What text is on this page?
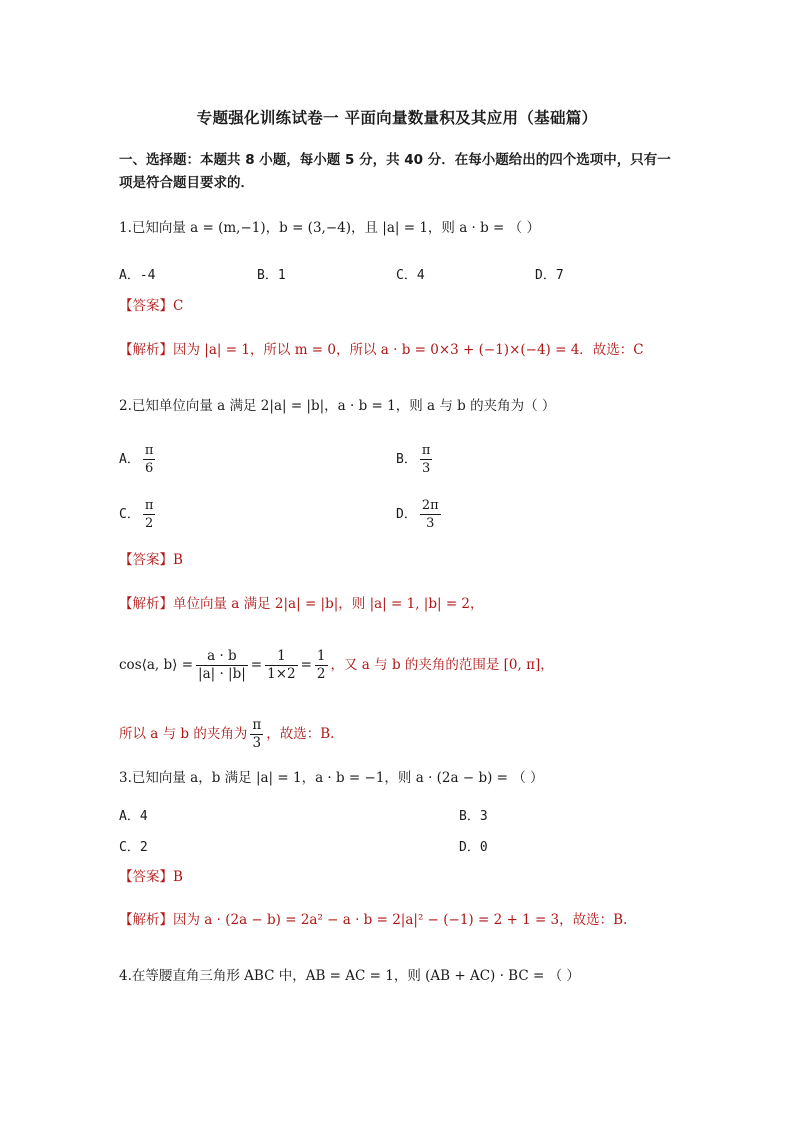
专题强化训练试卷一 平面向量数量积及其应用（基础篇）
一、选择题：本题共 8 小题，每小题 5 分，共 40 分．在每小题给出的四个选项中，只有一
项是符合题目要求的．
1.已知向量 a = (m,−1)，b = (3,−4)，且 |a| = 1，则 a · b = （ ）
A．-4	B．1	C．4	D．7
【答案】C
【解析】因为 |a| = 1，所以 m = 0，所以 a · b = 0×3 + (−1)×(−4) = 4．故选：C
2.已知单位向量 a 满足 2|a| = |b|，a · b = 1，则 a 与 b 的夹角为（ ）
A． $\frac{\pi}{6}$	B． $\frac{\pi}{3}$
C． $\frac{\pi}{2}$	D． $\frac{2\pi}{3}$
【答案】B
【解析】单位向量 a 满足 2|a| = |b|，则 |a| = 1, |b| = 2，
cos⟨a, b⟩ = $\frac{a \cdot b}{|a| \cdot |b|} = \frac{1}{1\times 2} = \frac{1}{2}$ ，又 a 与 b 的夹角的范围是 [0, π]，
所以 a 与 b 的夹角为 $\frac{\pi}{3}$ ，故选：B.
3.已知向量 a，b 满足 |a| = 1，a · b = −1，则 a · (2a − b) = （ ）
A．4	B．3
C．2	D．0
【答案】B
【解析】因为 a · (2a − b) = 2a² − a · b = 2|a|² − (−1) = 2 + 1 = 3，故选：B.
4.在等腰直角三角形 ABC 中，AB = AC = 1，则 (AB + AC) · BC = （ ）
